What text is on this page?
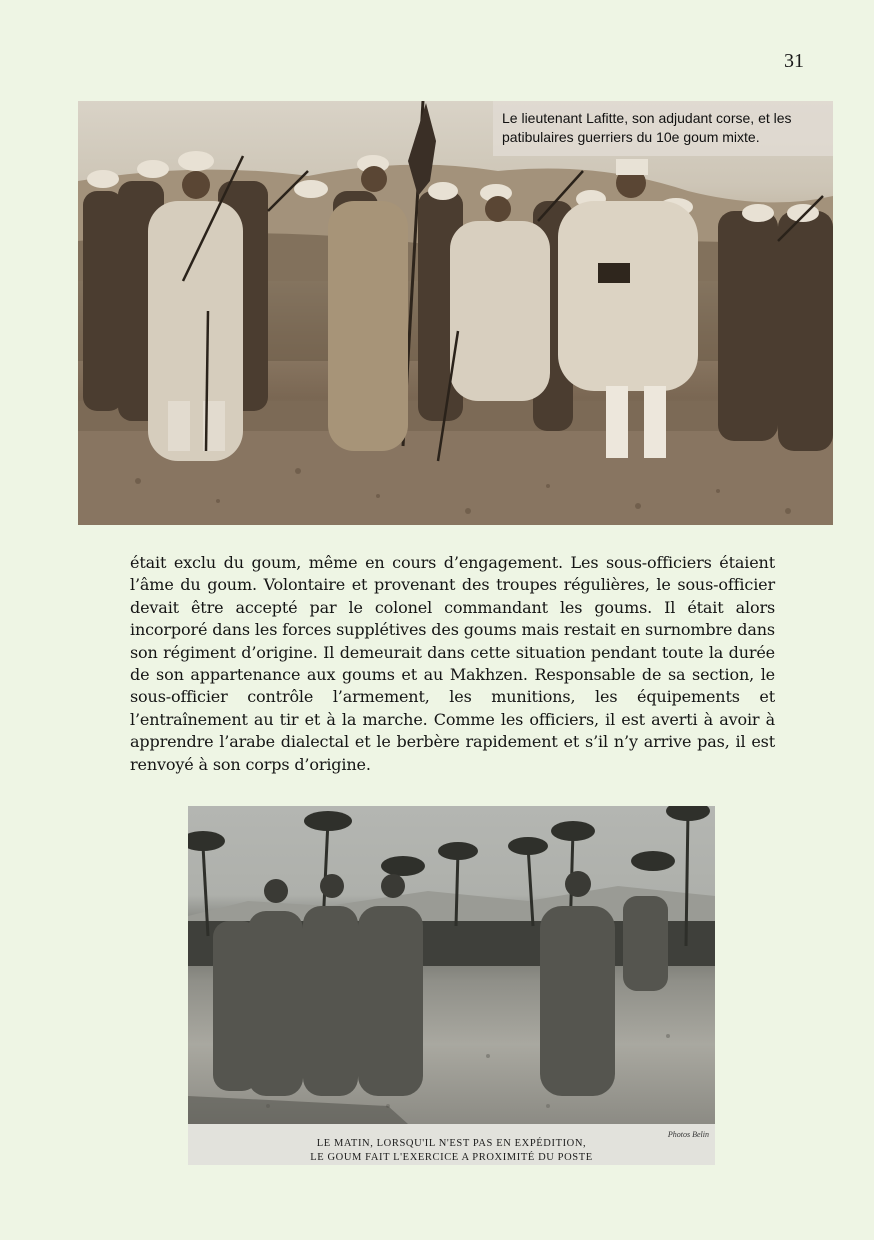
31
Le lieutenant Lafitte, son adjudant corse, et les patibulaires guerriers du 10e goum mixte.

était exclu du goum, même en cours d’engagement. Les sous-officiers étaient l’âme du goum. Volontaire et provenant des troupes régulières, le sous-officier devait être accepté par le colonel commandant les goums. Il était alors incorporé dans les forces supplétives des goums mais restait en surnombre dans son régiment d’origine. Il demeurait dans cette situation pendant toute la durée de son appartenance aux goums et au Makhzen. Responsable de sa section, le sous-officier contrôle l’armement, les munitions, les équipements et l’entraînement au tir et à la marche. Comme les officiers, il est averti à avoir à apprendre l’arabe dialectal et le berbère rapidement et s’il n’y arrive pas, il est renvoyé à son corps d’origine.

Photos Belin
LE MATIN, LORSQU'IL N'EST PAS EN EXPÉDITION,
LE GOUM FAIT L'EXERCICE A PROXIMITÉ DU POSTE
